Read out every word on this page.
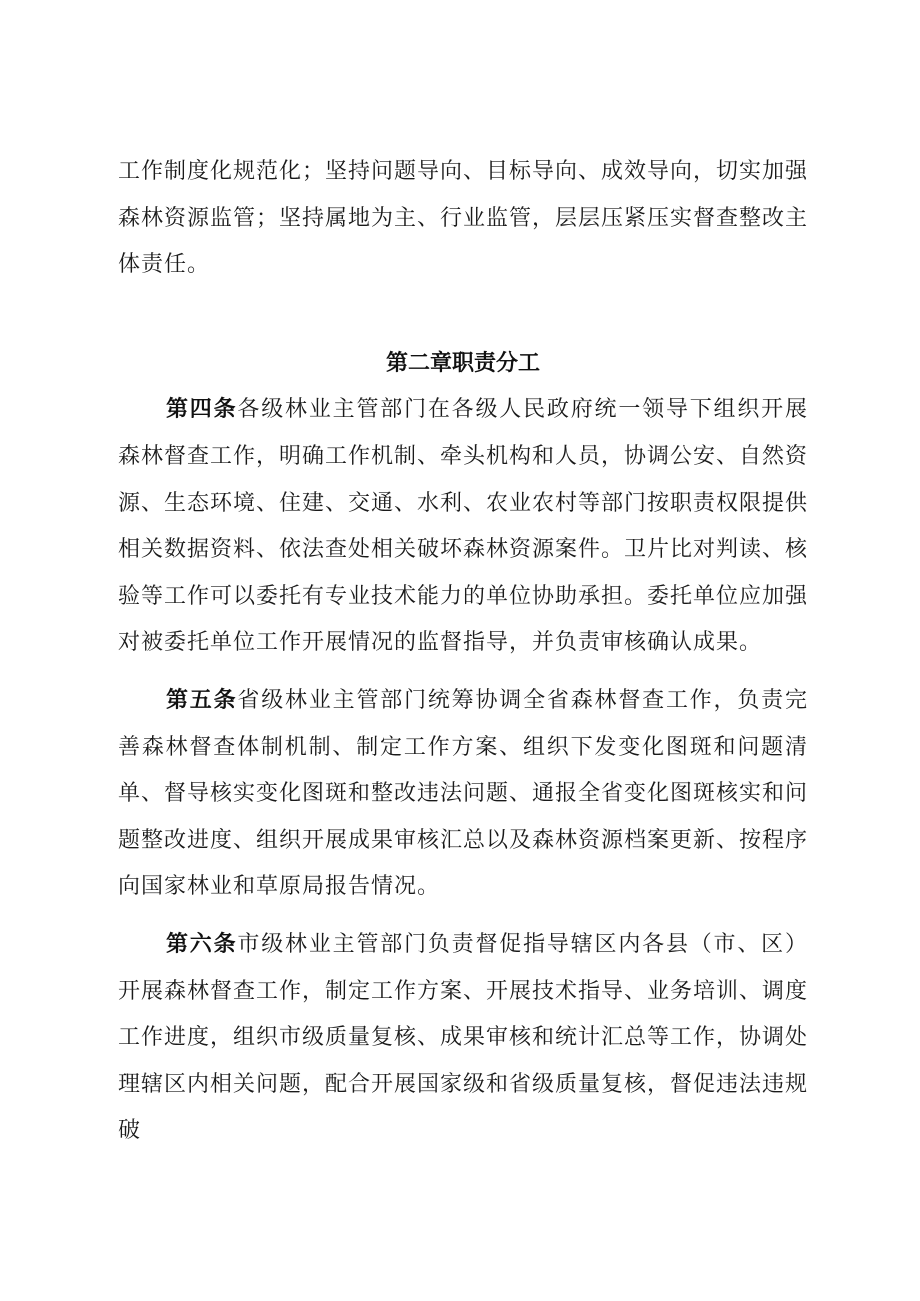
工作制度化规范化；坚持问题导向、目标导向、成效导向，切实加强森林资源监管；坚持属地为主、行业监管，层层压紧压实督查整改主体责任。

第二章职责分工

第四条各级林业主管部门在各级人民政府统一领导下组织开展森林督查工作，明确工作机制、牵头机构和人员，协调公安、自然资源、生态环境、住建、交通、水利、农业农村等部门按职责权限提供相关数据资料、依法查处相关破坏森林资源案件。卫片比对判读、核验等工作可以委托有专业技术能力的单位协助承担。委托单位应加强对被委托单位工作开展情况的监督指导，并负责审核确认成果。

第五条省级林业主管部门统筹协调全省森林督查工作，负责完善森林督查体制机制、制定工作方案、组织下发变化图斑和问题清单、督导核实变化图斑和整改违法问题、通报全省变化图斑核实和问题整改进度、组织开展成果审核汇总以及森林资源档案更新、按程序向国家林业和草原局报告情况。

第六条市级林业主管部门负责督促指导辖区内各县（市、区）开展森林督查工作，制定工作方案、开展技术指导、业务培训、调度工作进度，组织市级质量复核、成果审核和统计汇总等工作，协调处理辖区内相关问题，配合开展国家级和省级质量复核，督促违法违规破
